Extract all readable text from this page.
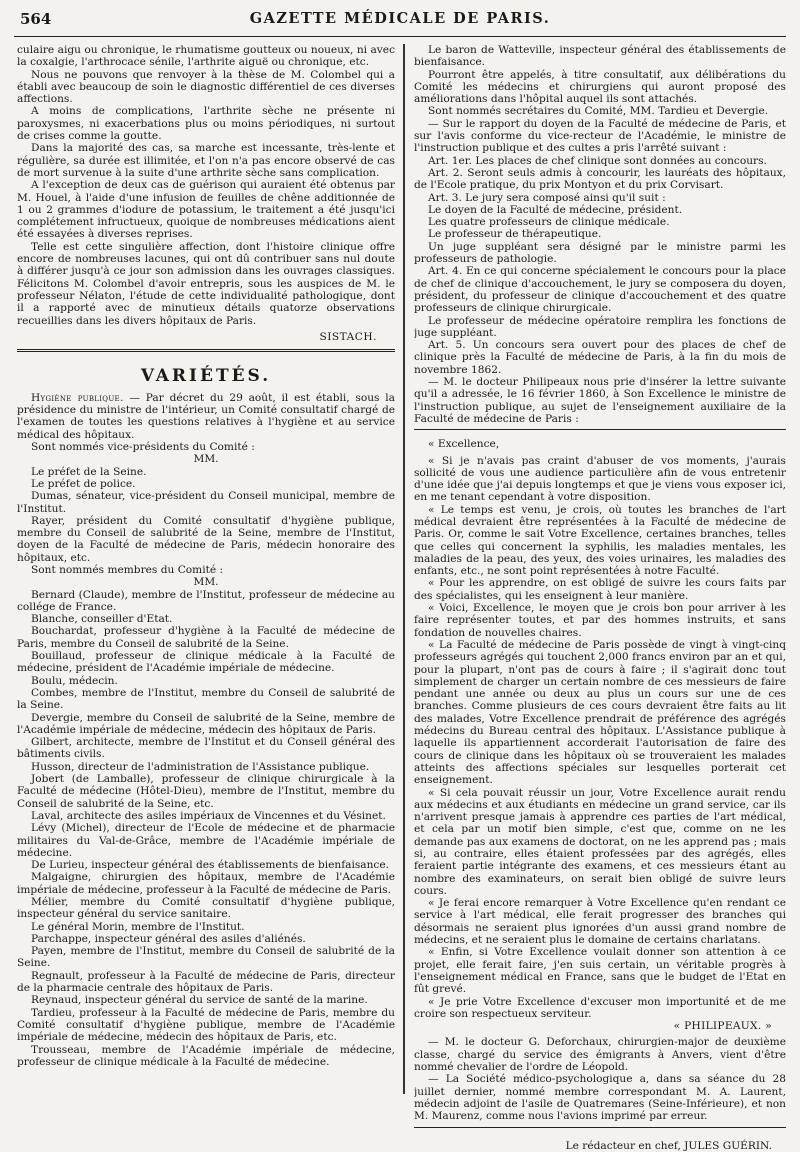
564	GAZETTE MÉDICALE DE PARIS.

culaire aigu ou chronique, le rhumatisme goutteux ou noueux, ni avec la coxalgie, l'arthrocace sénile, l'arthrite aiguë ou chronique, etc.

Nous ne pouvons que renvoyer à la thèse de M. Colombel qui a établi avec beaucoup de soin le diagnostic différentiel de ces diverses affections.

A moins de complications, l'arthrite sèche ne présente ni paroxysmes, ni exacerbations plus ou moins périodiques, ni surtout de crises comme la goutte.

Dans la majorité des cas, sa marche est incessante, très-lente et régulière, sa durée est illimitée, et l'on n'a pas encore observé de cas de mort survenue à la suite d'une arthrite sèche sans complication.

A l'exception de deux cas de guérison qui auraient été obtenus par M. Houel, à l'aide d'une infusion de feuilles de chêne additionnée de 1 ou 2 grammes d'iodure de potassium, le traitement a été jusqu'ici complétement infructueux, quoique de nombreuses médications aient été essayées à diverses reprises.

Telle est cette singulière affection, dont l'histoire clinique offre encore de nombreuses lacunes, qui ont dû contribuer sans nul doute à différer jusqu'à ce jour son admission dans les ouvrages classiques. Félicitons M. Colombel d'avoir entrepris, sous les auspices de M. le professeur Nélaton, l'étude de cette individualité pathologique, dont il a rapporté avec de minutieux détails quatorze observations recueillies dans les divers hôpitaux de Paris.

SISTACH.

VARIÉTÉS.

Hygiène publique. — Par décret du 29 août, il est établi, sous la présidence du ministre de l'intérieur, un Comité consultatif chargé de l'examen de toutes les questions relatives à l'hygiène et au service médical des hôpitaux.

Sont nommés vice-présidents du Comité :

MM.

Le préfet de la Seine.

Le préfet de police.

Dumas, sénateur, vice-président du Conseil municipal, membre de l'Institut.

Rayer, président du Comité consultatif d'hygiène publique, membre du Conseil de salubrité de la Seine, membre de l'Institut, doyen de la Faculté de médecine de Paris, médecin honoraire des hôpitaux, etc.

Sont nommés membres du Comité :

MM.

Bernard (Claude), membre de l'Institut, professeur de médecine au collége de France.

Blanche, conseiller d'Etat.

Bouchardat, professeur d'hygiène à la Faculté de médecine de Paris, membre du Conseil de salubrité de la Seine.

Bouillaud, professeur de clinique médicale à la Faculté de médecine, président de l'Académie impériale de médecine.

Boulu, médecin.

Combes, membre de l'Institut, membre du Conseil de salubrité de la Seine.

Devergie, membre du Conseil de salubrité de la Seine, membre de l'Académie impériale de médecine, médecin des hôpitaux de Paris.

Gilbert, architecte, membre de l'Institut et du Conseil général des bâtiments civils.

Husson, directeur de l'administration de l'Assistance publique.

Jobert (de Lamballe), professeur de clinique chirurgicale à la Faculté de médecine (Hôtel-Dieu), membre de l'Institut, membre du Conseil de salubrité de la Seine, etc.

Laval, architecte des asiles impériaux de Vincennes et du Vésinet.

Lévy (Michel), directeur de l'Ecole de médecine et de pharmacie militaires du Val-de-Grâce, membre de l'Académie impériale de médecine.

De Lurieu, inspecteur général des établissements de bienfaisance.

Malgaigne, chirurgien des hôpitaux, membre de l'Académie impériale de médecine, professeur à la Faculté de médecine de Paris.

Mélier, membre du Comité consultatif d'hygiène publique, inspecteur général du service sanitaire.

Le général Morin, membre de l'Institut.

Parchappe, inspecteur général des asiles d'aliénés.

Payen, membre de l'Institut, membre du Conseil de salubrité de la Seine.

Regnault, professeur à la Faculté de médecine de Paris, directeur de la pharmacie centrale des hôpitaux de Paris.

Reynaud, inspecteur général du service de santé de la marine.

Tardieu, professeur à la Faculté de médecine de Paris, membre du Comité consultatif d'hygiène publique, membre de l'Académie impériale de médecine, médecin des hôpitaux de Paris, etc.

Trousseau, membre de l'Académie impériale de médecine, professeur de clinique médicale à la Faculté de médecine.

Le baron de Watteville, inspecteur général des établissements de bienfaisance.

Pourront être appelés, à titre consultatif, aux délibérations du Comité les médecins et chirurgiens qui auront proposé des améliorations dans l'hôpital auquel ils sont attachés.

Sont nommés secrétaires du Comité, MM. Tardieu et Devergie.

— Sur le rapport du doyen de la Faculté de médecine de Paris, et sur l'avis conforme du vice-recteur de l'Académie, le ministre de l'instruction publique et des cultes a pris l'arrêté suivant :

Art. 1er. Les places de chef clinique sont données au concours.

Art. 2. Seront seuls admis à concourir, les lauréats des hôpitaux, de l'Ecole pratique, du prix Montyon et du prix Corvisart.

Art. 3. Le jury sera composé ainsi qu'il suit :

Le doyen de la Faculté de médecine, président.

Les quatre professeurs de clinique médicale.

Le professeur de thérapeutique.

Un juge suppléant sera désigné par le ministre parmi les professeurs de pathologie.

Art. 4. En ce qui concerne spécialement le concours pour la place de chef de clinique d'accouchement, le jury se composera du doyen, président, du professeur de clinique d'accouchement et des quatre professeurs de clinique chirurgicale.

Le professeur de médecine opératoire remplira les fonctions de juge suppléant.

Art. 5. Un concours sera ouvert pour des places de chef de clinique près la Faculté de médecine de Paris, à la fin du mois de novembre 1862.

— M. le docteur Philipeaux nous prie d'insérer la lettre suivante qu'il a adressée, le 16 février 1860, à Son Excellence le ministre de l'instruction publique, au sujet de l'enseignement auxiliaire de la Faculté de médecine de Paris :

« Excellence,

« Si je n'avais pas craint d'abuser de vos moments, j'aurais sollicité de vous une audience particulière afin de vous entretenir d'une idée que j'ai depuis longtemps et que je viens vous exposer ici, en me tenant cependant à votre disposition.

« Le temps est venu, je crois, où toutes les branches de l'art médical devraient être représentées à la Faculté de médecine de Paris. Or, comme le sait Votre Excellence, certaines branches, telles que celles qui concernent la syphilis, les maladies mentales, les maladies de la peau, des yeux, des voies urinaires, les maladies des enfants, etc., ne sont point représentées à notre Faculté.

« Pour les apprendre, on est obligé de suivre les cours faits par des spécialistes, qui les enseignent à leur manière.

« Voici, Excellence, le moyen que je crois bon pour arriver à les faire représenter toutes, et par des hommes instruits, et sans fondation de nouvelles chaires.

« La Faculté de médecine de Paris possède de vingt à vingt-cinq professeurs agrégés qui touchent 2,000 francs environ par an et qui, pour la plupart, n'ont pas de cours à faire ; il s'agirait donc tout simplement de charger un certain nombre de ces messieurs de faire pendant une année ou deux au plus un cours sur une de ces branches. Comme plusieurs de ces cours devraient être faits au lit des malades, Votre Excellence prendrait de préférence des agrégés médecins du Bureau central des hôpitaux. L'Assistance publique à laquelle ils appartiennent accorderait l'autorisation de faire des cours de clinique dans les hôpitaux où se trouveraient les malades atteints des affections spéciales sur lesquelles porterait cet enseignement.

« Si cela pouvait réussir un jour, Votre Excellence aurait rendu aux médecins et aux étudiants en médecine un grand service, car ils n'arrivent presque jamais à apprendre ces parties de l'art médical, et cela par un motif bien simple, c'est que, comme on ne les demande pas aux examens de doctorat, on ne les apprend pas ; mais si, au contraire, elles étaient professées par des agrégés, elles feraient partie intégrante des examens, et ces messieurs étant au nombre des examinateurs, on serait bien obligé de suivre leurs cours.

« Je ferai encore remarquer à Votre Excellence qu'en rendant ce service à l'art médical, elle ferait progresser des branches qui désormais ne seraient plus ignorées d'un aussi grand nombre de médecins, et ne seraient plus le domaine de certains charlatans.

« Enfin, si Votre Excellence voulait donner son attention à ce projet, elle ferait faire, j'en suis certain, un véritable progrès à l'enseignement médical en France, sans que le budget de l'Etat en fût grevé.

« Je prie Votre Excellence d'excuser mon importunité et de me croire son respectueux serviteur.

« PHILIPEAUX. »

— M. le docteur G. Deforchaux, chirurgien-major de deuxième classe, chargé du service des émigrants à Anvers, vient d'être nommé chevalier de l'ordre de Léopold.

— La Société médico-psychologique a, dans sa séance du 28 juillet dernier, nommé membre correspondant M. A. Laurent, médecin adjoint de l'asile de Quatremares (Seine-Inférieure), et non M. Maurenz, comme nous l'avions imprimé par erreur.

Le rédacteur en chef, JULES GUÉRIN.
